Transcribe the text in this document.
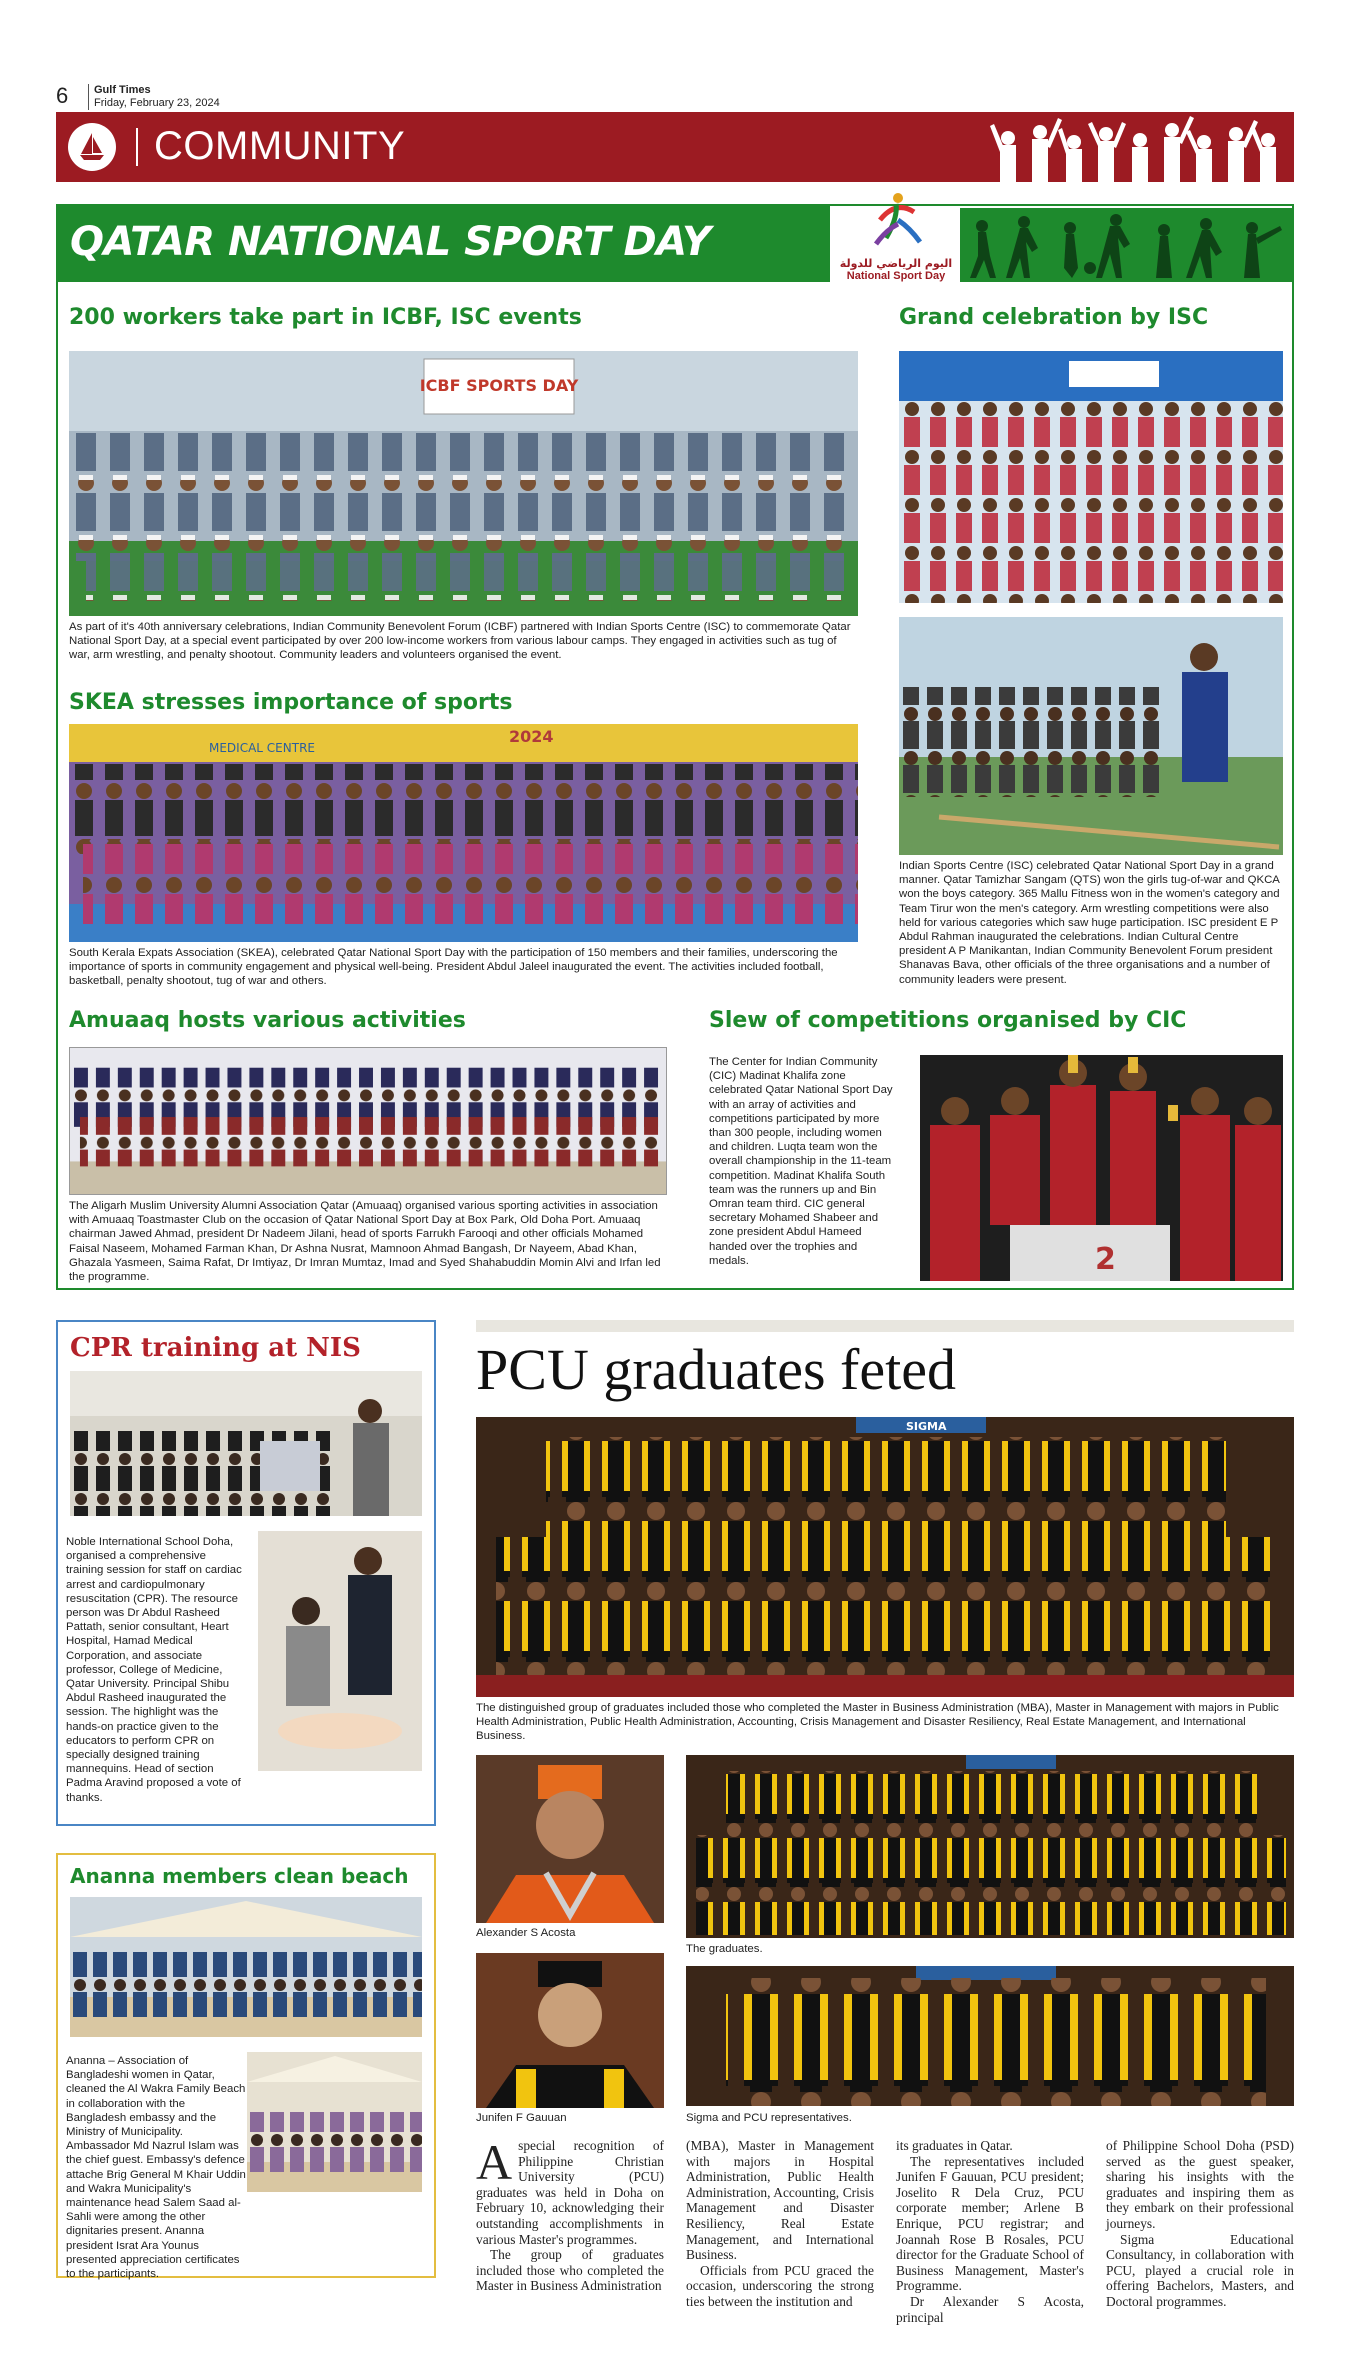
6 Gulf Times
Friday, February 23, 2024
COMMUNITY
QATAR NATIONAL SPORT DAY	اليوم الرياضي للدولة
National Sport Day
200 workers take part in ICBF, ISC events
ICBF SPORTS DAY
As part of it's 40th anniversary celebrations, Indian Community Benevolent Forum (ICBF) partnered with Indian Sports Centre (ISC) to commemorate Qatar National Sport Day, at a special event participated by over 200 low-income workers from various labour camps. They engaged in activities such as tug of war, arm wrestling, and penalty shootout. Community leaders and volunteers organised the event.
SKEA stresses importance of sports
MEDICAL CENTRE
2024
South Kerala Expats Association (SKEA), celebrated Qatar National Sport Day with the participation of 150 members and their families, underscoring the importance of sports in community engagement and physical well-being. President Abdul Jaleel inaugurated the event. The activities included football, basketball, penalty shootout, tug of war and others.
Grand celebration by ISC
Indian Sports Centre (ISC) celebrated Qatar National Sport Day in a grand manner. Qatar Tamizhar Sangam (QTS) won the girls tug-of-war and QKCA won the boys category. 365 Mallu Fitness won in the women's category and Team Tirur won the men's category. Arm wrestling competitions were also held for various categories which saw huge participation. ISC president E P Abdul Rahman inaugurated the celebrations. Indian Cultural Centre president A P Manikantan, Indian Community Benevolent Forum president Shanavas Bava, other officials of the three organisations and a number of community leaders were present.
Amuaaq hosts various activities
The Aligarh Muslim University Alumni Association Qatar (Amuaaq) organised various sporting activities in association with Amuaaq Toastmaster Club on the occasion of Qatar National Sport Day at Box Park, Old Doha Port. Amuaaq chairman Jawed Ahmad, president Dr Nadeem Jilani, head of sports Farrukh Farooqi and other officials Mohamed Faisal Naseem, Mohamed Farman Khan, Dr Ashna Nusrat, Mamnoon Ahmad Bangash, Dr Nayeem, Abad Khan, Ghazala Yasmeen, Saima Rafat, Dr Imtiyaz, Dr Imran Mumtaz, Imad and Syed Shahabuddin Momin Alvi and Irfan led the programme.
Slew of competitions organised by CIC
The Center for Indian Community (CIC) Madinat Khalifa zone celebrated Qatar National Sport Day with an array of activities and competitions participated by more than 300 people, including women and children. Luqta team won the overall championship in the 11-team competition. Madinat Khalifa South team was the runners up and Bin Omran team third. CIC general secretary Mohamed Shabeer and zone president Abdul Hameed handed over the trophies and medals.	2
CPR training at NIS
Noble International School Doha, organised a comprehensive training session for staff on cardiac arrest and cardiopulmonary resuscitation (CPR). The resource person was Dr Abdul Rasheed Pattath, senior consultant, Heart Hospital, Hamad Medical Corporation, and associate professor, College of Medicine, Qatar University. Principal Shibu Abdul Rasheed inaugurated the session. The highlight was the hands-on practice given to the educators to perform CPR on specially designed training mannequins. Head of section Padma Aravind proposed a vote of thanks.
Ananna members clean beach
Ananna – Association of Bangladeshi women in Qatar, cleaned the Al Wakra Family Beach in collaboration with the Bangladesh embassy and the Ministry of Municipality. Ambassador Md Nazrul Islam was the chief guest. Embassy's defence attache Brig General M Khair Uddin and Wakra Municipality's maintenance head Salem Saad al-Sahli were among the other dignitaries present. Ananna president Israt Ara Younus presented appreciation certificates to the participants.
PCU graduates feted
SIGMA
The distinguished group of graduates included those who completed the Master in Business Administration (MBA), Master in Management with majors in Public Health Administration, Public Health Administration, Accounting, Crisis Management and Disaster Resiliency, Real Estate Management, and International Business.
Alexander S Acosta
The graduates.
Junifen F Gauuan	Sigma and PCU representatives.

Aspecial recognition of Philippine Christian University (PCU) graduates was held in Doha on February 10, acknowledging their outstanding accomplishments in various Master's programmes.

The group of graduates included those who completed the Master in Business Administration

(MBA), Master in Management with majors in Hospital Administration, Public Health Administration, Accounting, Crisis Management and Disaster Resiliency, Real Estate Management, and International Business.

Officials from PCU graced the occasion, underscoring the strong ties between the institution and

its graduates in Qatar.

The representatives included Junifen F Gauuan, PCU president; Joselito R Dela Cruz, PCU corporate member; Arlene B Enrique, PCU registrar; and Joannah Rose B Rosales, PCU director for the Graduate School of Business Management, Master's Programme.

Dr Alexander S Acosta, principal

of Philippine School Doha (PSD) served as the guest speaker, sharing his insights with the graduates and inspiring them as they embark on their professional journeys.

Sigma Educational Consultancy, in collaboration with PCU, played a crucial role in offering Bachelors, Masters, and Doctoral programmes.
